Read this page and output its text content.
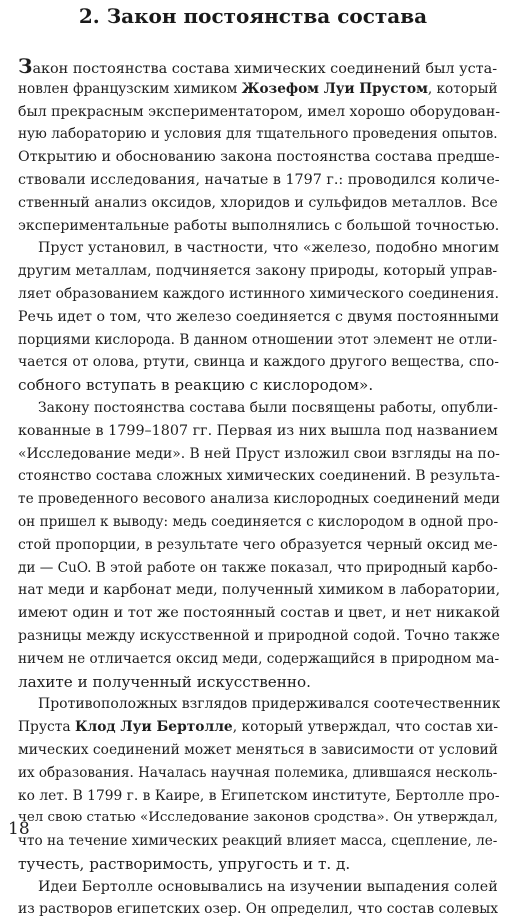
2. Закон постоянства состава
Закон постоянства состава химических соединений был уста-
новлен французским химиком Жозефом Луи Прустом, который
был прекрасным экспериментатором, имел хорошо оборудован-
ную лабораторию и условия для тщательного проведения опытов.
Открытию и обоснованию закона постоянства состава предше-
ствовали исследования, начатые в 1797 г.: проводился количе-
ственный анализ оксидов, хлоридов и сульфидов металлов. Все
экспериментальные работы выполнялись с большой точностью.
Пруст установил, в частности, что «железо, подобно многим
другим металлам, подчиняется закону природы, который управ-
ляет образованием каждого истинного химического соединения.
Речь идет о том, что железо соединяется с двумя постоянными
порциями кислорода. В данном отношении этот элемент не отли-
чается от олова, ртути, свинца и каждого другого вещества, спо-
собного вступать в реакцию с кислородом».
Закону постоянства состава были посвящены работы, опубли-
кованные в 1799–1807 гг. Первая из них вышла под названием
«Исследование меди». В ней Пруст изложил свои взгляды на по-
стоянство состава сложных химических соединений. В результа-
те проведенного весового анализа кислородных соединений меди
он пришел к выводу: медь соединяется с кислородом в одной про-
стой пропорции, в результате чего образуется черный оксид ме-
ди — CuO. В этой работе он также показал, что природный карбо-
нат меди и карбонат меди, полученный химиком в лаборатории,
имеют один и тот же постоянный состав и цвет, и нет никакой
разницы между искусственной и природной содой. Точно также
ничем не отличается оксид меди, содержащийся в природном ма-
лахите и полученный искусственно.
Противоположных взглядов придерживался соотечественник
Пруста Клод Луи Бертолле, который утверждал, что состав хи-
мических соединений может меняться в зависимости от условий
их образования. Началась научная полемика, длившаяся несколь-
ко лет. В 1799 г. в Каире, в Египетском институте, Бертолле про-
чел свою статью «Исследование законов сродства». Он утверждал,
что на течение химических реакций влияет масса, сцепление, ле-
тучесть, растворимость, упругость и т. д.
Идеи Бертолле основывались на изучении выпадения солей
из растворов египетских озер. Он определил, что состав солевых
18
